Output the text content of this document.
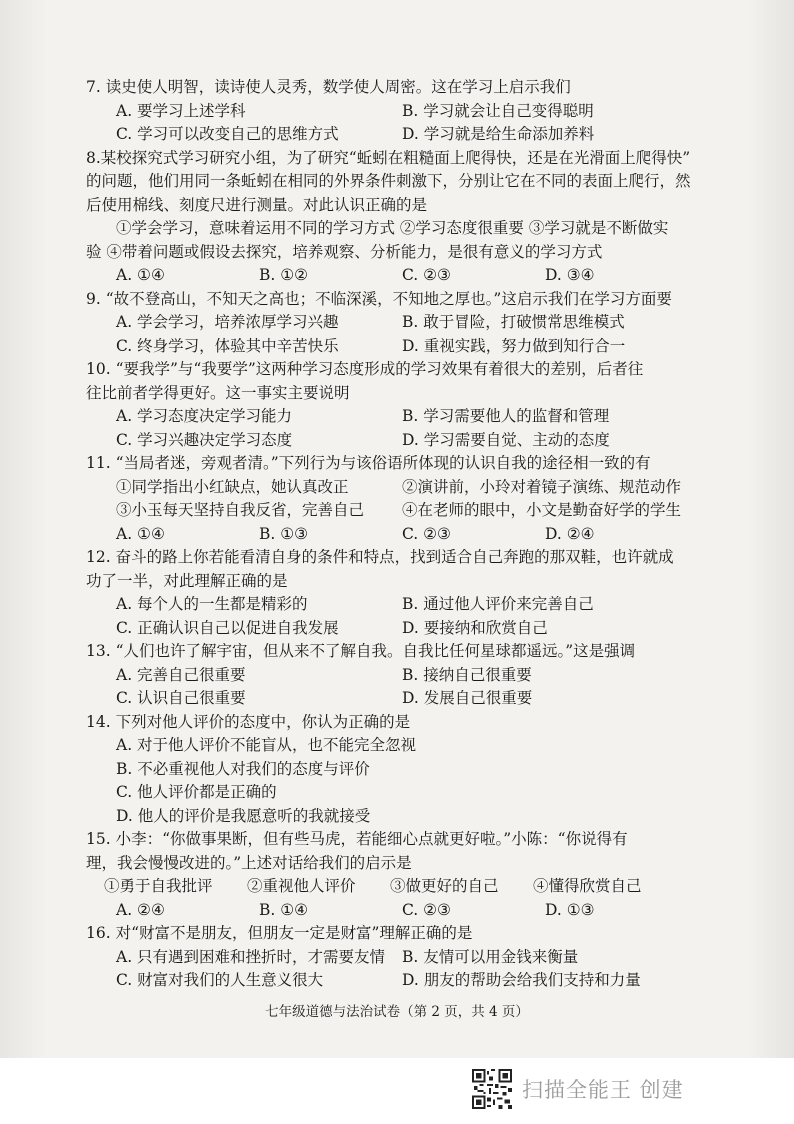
7. 读史使人明智，读诗使人灵秀，数学使人周密。这在学习上启示我们

A. 要学习上述学科	B. 学习就会让自己变得聪明
C. 学习可以改变自己的思维方式	D. 学习就是给生命添加养料

8.某校探究式学习研究小组，为了研究“蚯蚓在粗糙面上爬得快，还是在光滑面上爬得快”

的问题，他们用同一条蚯蚓在相同的外界条件刺激下，分别让它在不同的表面上爬行，然

后使用棉线、刻度尺进行测量。对此认识正确的是

①学会学习，意味着运用不同的学习方式 ②学习态度很重要 ③学习就是不断做实

验 ④带着问题或假设去探究，培养观察、分析能力，是很有意义的学习方式

A. ①④	B. ①②	C. ②③	D. ③④

9. “故不登高山，不知天之高也；不临深溪，不知地之厚也。”这启示我们在学习方面要

A. 学会学习，培养浓厚学习兴趣	B. 敢于冒险，打破惯常思维模式
C. 终身学习，体验其中辛苦快乐	D. 重视实践，努力做到知行合一

10. “要我学”与“我要学”这两种学习态度形成的学习效果有着很大的差别，后者往

往比前者学得更好。这一事实主要说明

A. 学习态度决定学习能力	B. 学习需要他人的监督和管理
C. 学习兴趣决定学习态度	D. 学习需要自觉、主动的态度

11. “当局者迷，旁观者清。”下列行为与该俗语所体现的认识自我的途径相一致的有

①同学指出小红缺点，她认真改正	②演讲前，小玲对着镜子演练、规范动作
③小玉每天坚持自我反省，完善自己	④在老师的眼中，小文是勤奋好学的学生
A. ①④	B. ①③	C. ②③	D. ②④

12. 奋斗的路上你若能看清自身的条件和特点，找到适合自己奔跑的那双鞋，也许就成

功了一半，对此理解正确的是

A. 每个人的一生都是精彩的	B. 通过他人评价来完善自己
C. 正确认识自己以促进自我发展	D. 要接纳和欣赏自己

13. “人们也许了解宇宙，但从来不了解自我。自我比任何星球都遥远。”这是强调

A. 完善自己很重要	B. 接纳自己很重要
C. 认识自己很重要	D. 发展自己很重要

14. 下列对他人评价的态度中，你认为正确的是

A. 对于他人评价不能盲从，也不能完全忽视

B. 不必重视他人对我们的态度与评价

C. 他人评价都是正确的

D. 他人的评价是我愿意听的我就接受

15. 小李：“你做事果断，但有些马虎，若能细心点就更好啦。”小陈：“你说得有

理，我会慢慢改进的。”上述对话给我们的启示是

①勇于自我批评	②重视他人评价	③做更好的自己	④懂得欣赏自己
A. ②④	B. ①④	C. ②③	D. ①③

16. 对“财富不是朋友，但朋友一定是财富”理解正确的是

A. 只有遇到困难和挫折时，才需要友情	B. 友情可以用金钱来衡量
C. 财富对我们的人生意义很大	D. 朋友的帮助会给我们支持和力量
七年级道德与法治试卷（第 2 页，共 4 页）
扫描全能王 创建
